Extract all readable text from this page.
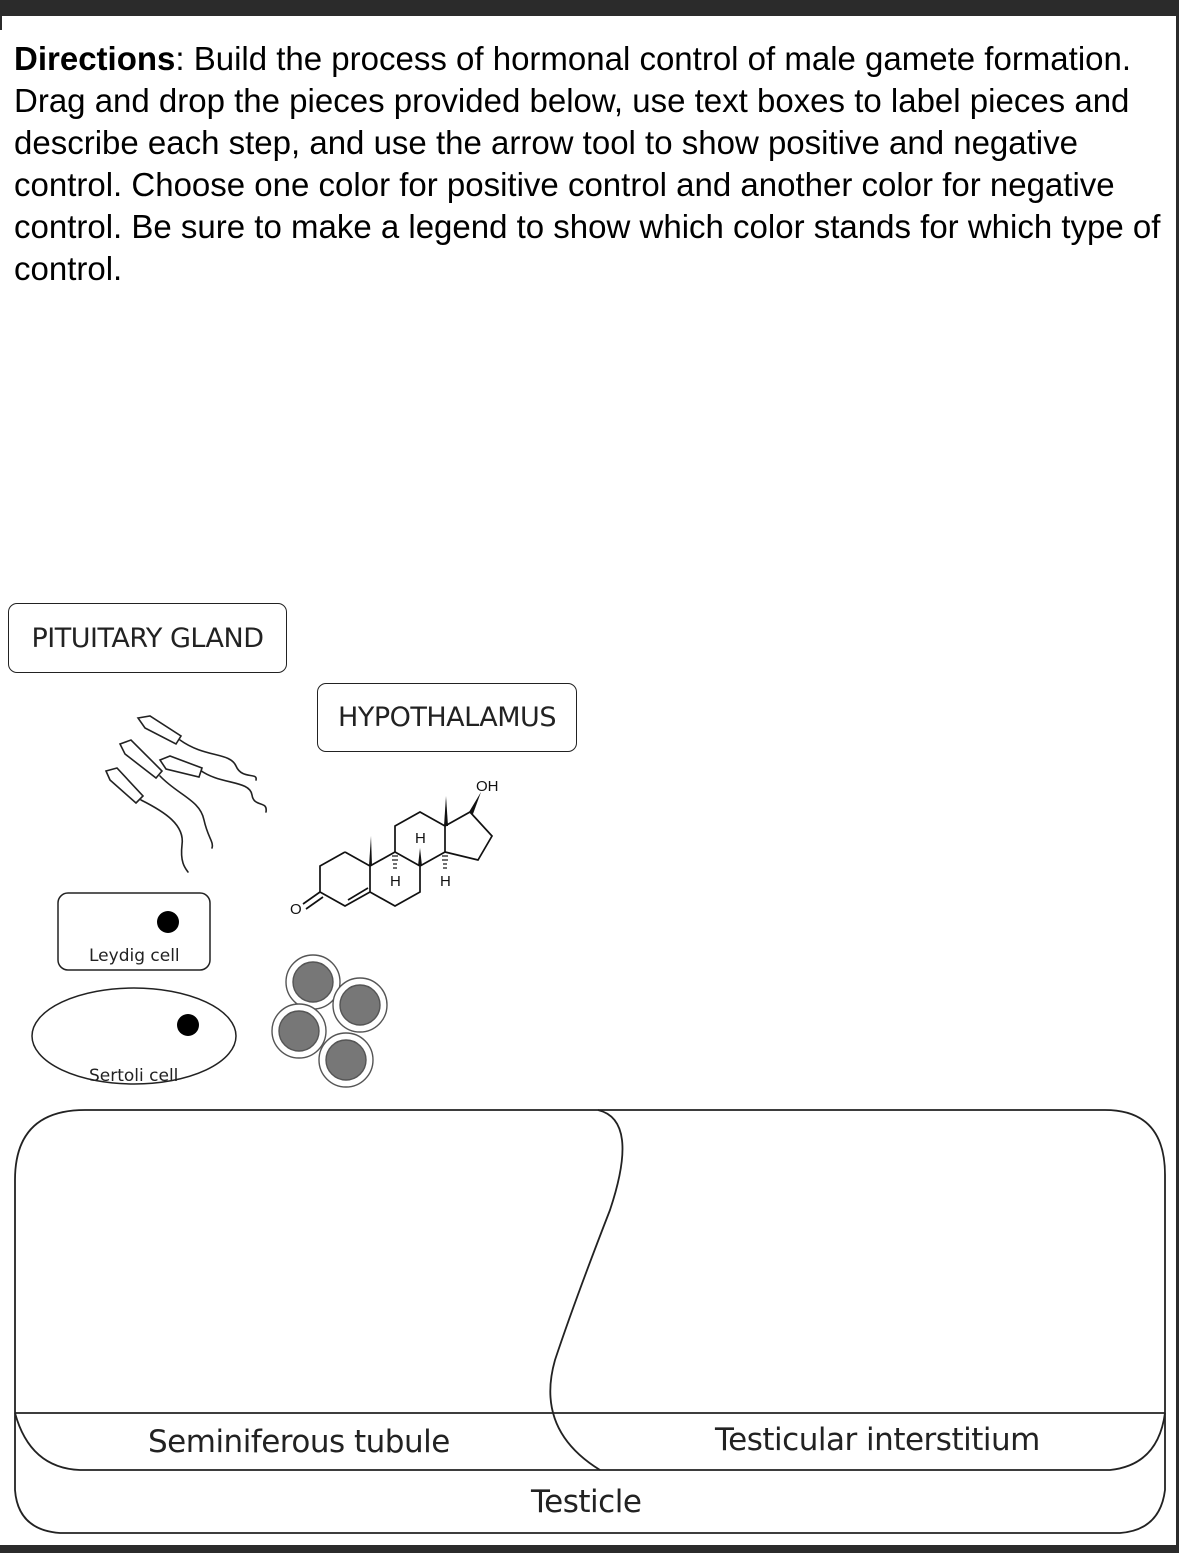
Directions: Build the process of hormonal control of male gamete formation. Drag and drop the pieces provided below, use text boxes to label pieces and describe each step, and use the arrow tool to show positive and negative control. Choose one color for positive control and another color for negative control. Be sure to make a legend to show which color stands for which type of control.
PITUITARY GLAND
HYPOTHALAMUS
OH
H
H	H
O
Leydig cell
Sertoli cell
Seminiferous tubule	Testicular interstitium
Testicle
